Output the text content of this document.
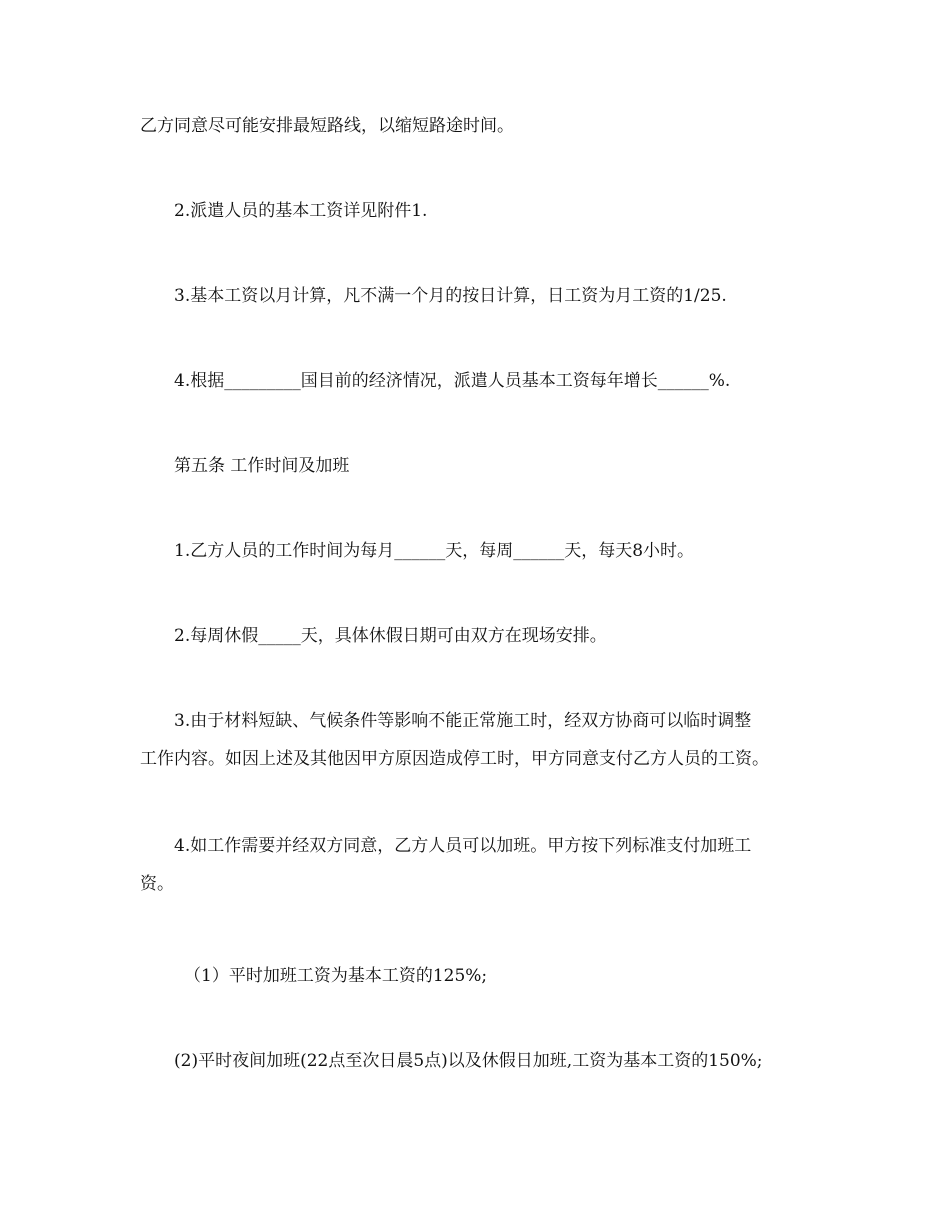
乙方同意尽可能安排最短路线，以缩短路途时间。
2.派遣人员的基本工资详见附件1.
3.基本工资以月计算，凡不满一个月的按日计算，日工资为月工资的1/25.
4.根据_________国目前的经济情况，派遣人员基本工资每年增长______%.
第五条 工作时间及加班
1.乙方人员的工作时间为每月______天，每周______天，每天8小时。
2.每周休假_____天，具体休假日期可由双方在现场安排。
3.由于材料短缺、气候条件等影响不能正常施工时，经双方协商可以临时调整
工作内容。如因上述及其他因甲方原因造成停工时，甲方同意支付乙方人员的工资。
4.如工作需要并经双方同意，乙方人员可以加班。甲方按下列标准支付加班工
资。
（1）平时加班工资为基本工资的125%;
(2)平时夜间加班(22点至次日晨5点)以及休假日加班,工资为基本工资的150%;
